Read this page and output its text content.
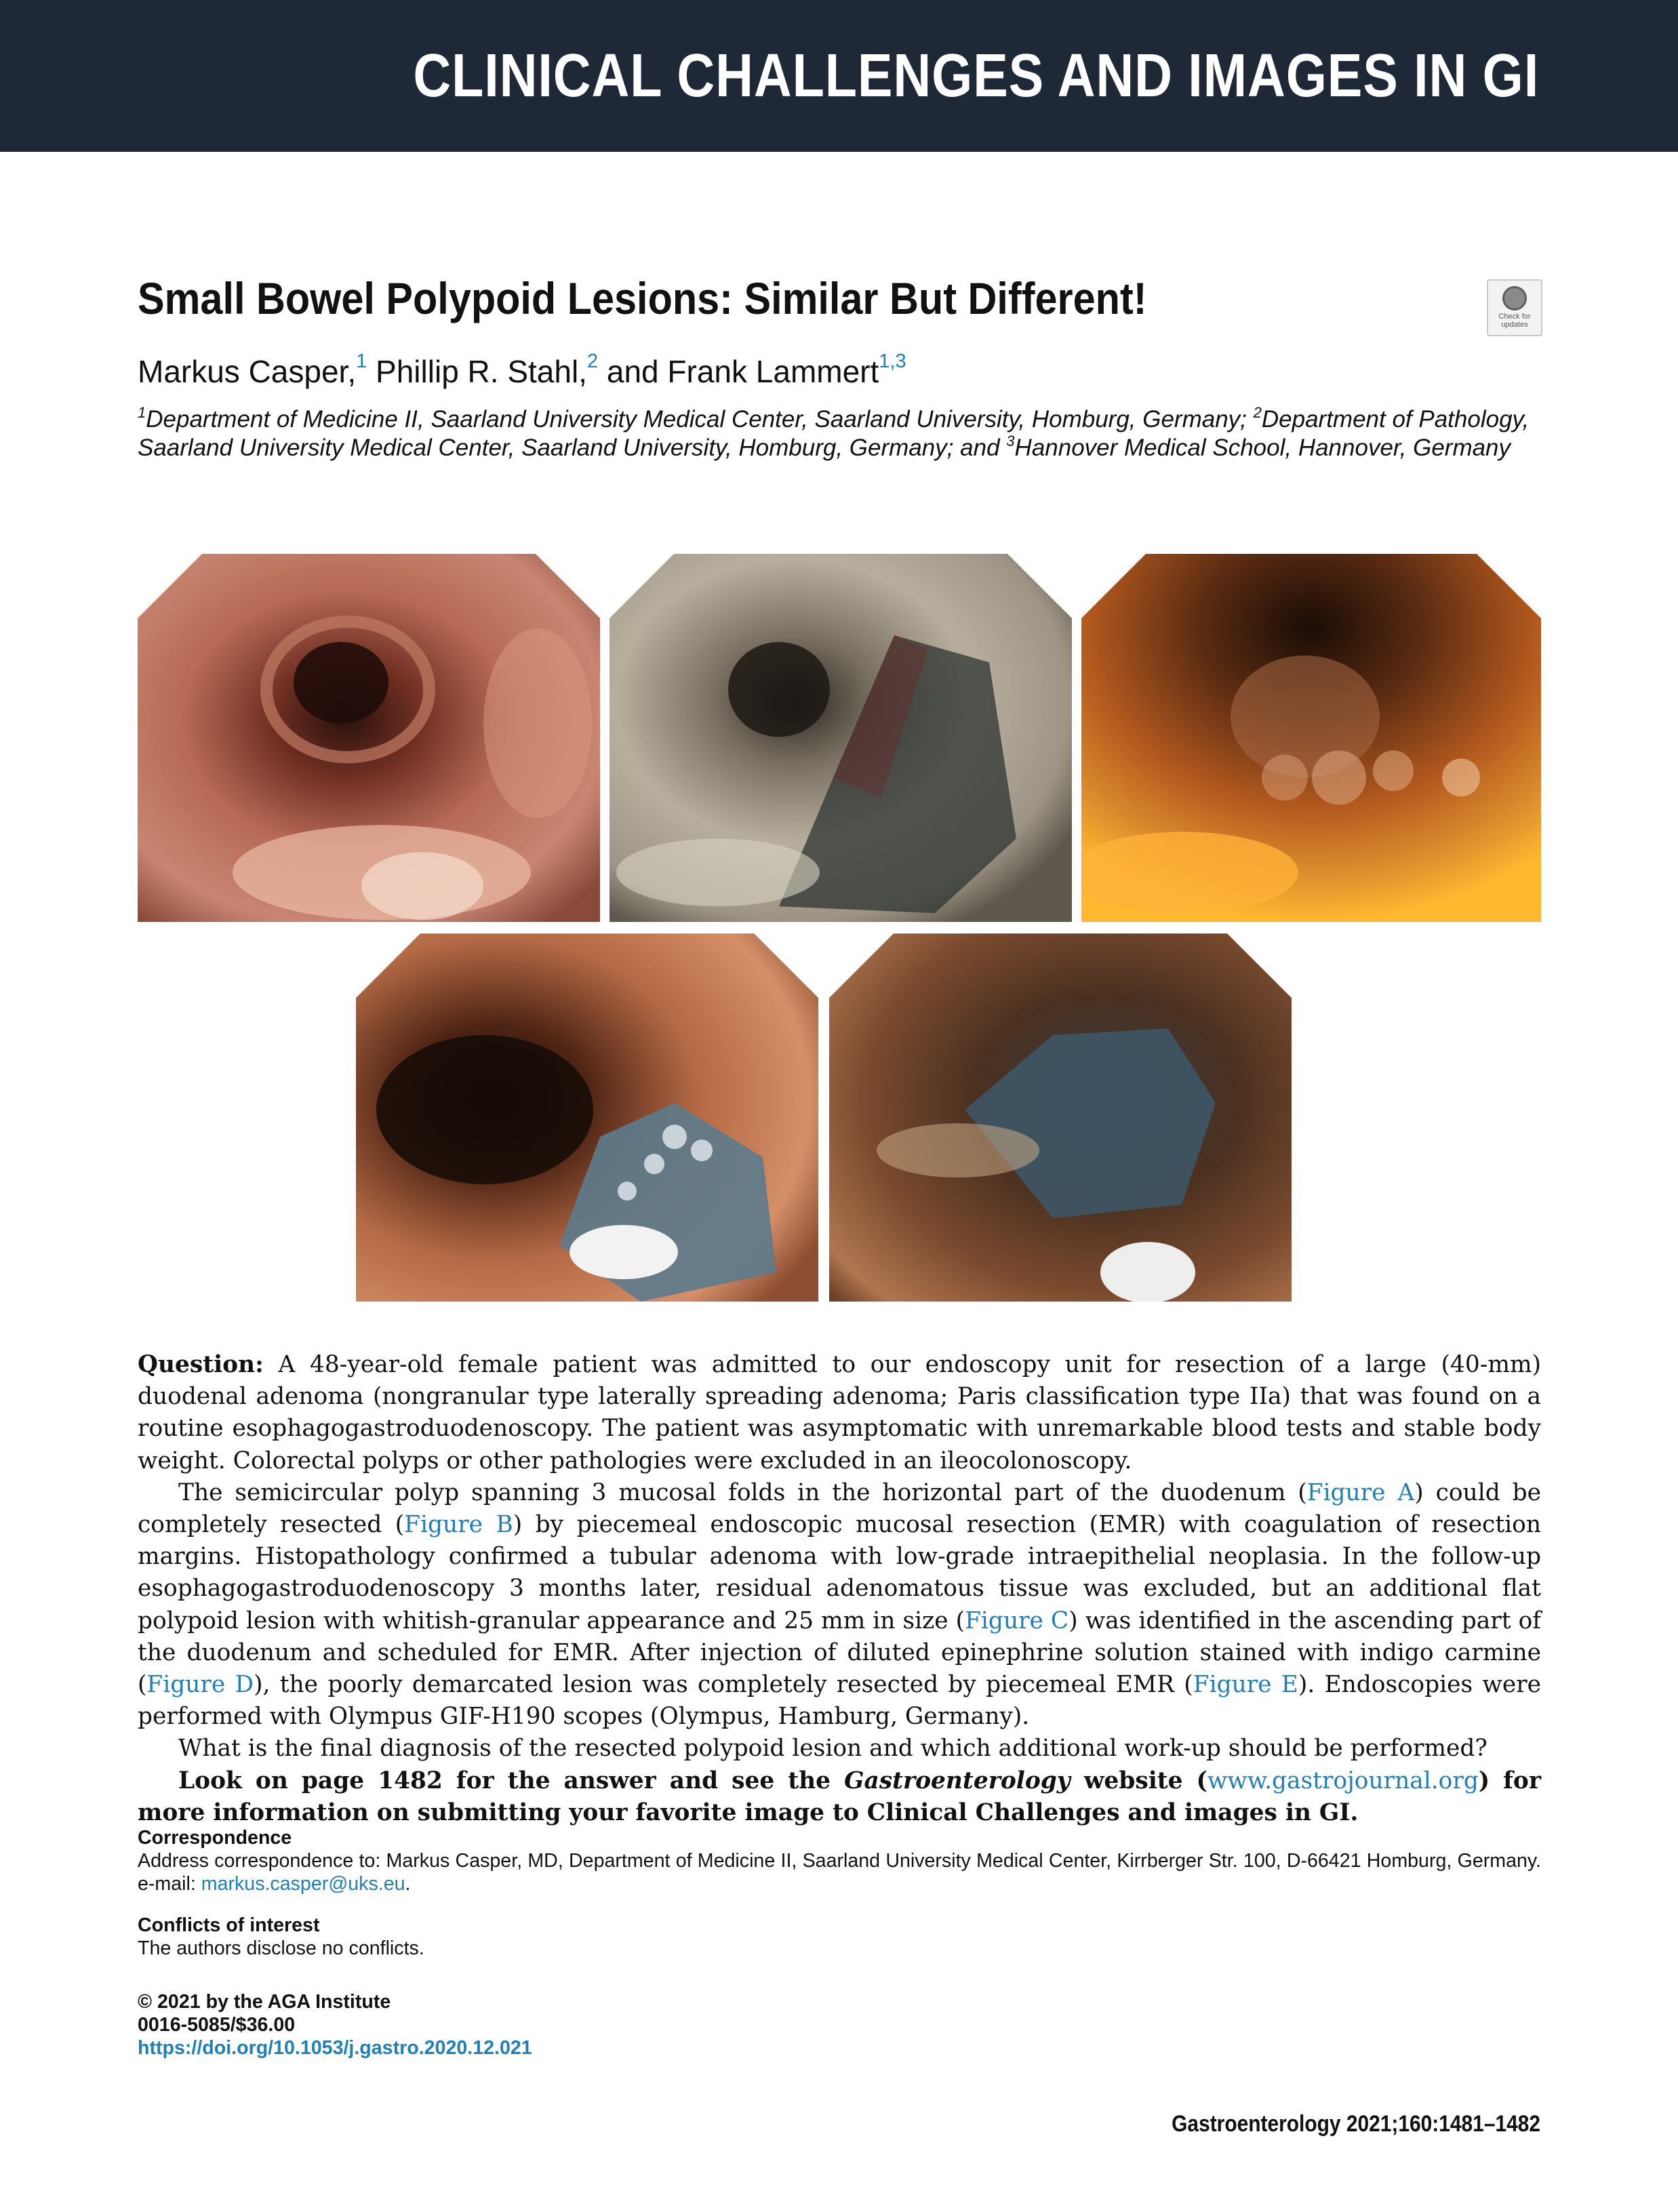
CLINICAL CHALLENGES AND IMAGES IN GI
Small Bowel Polypoid Lesions: Similar But Different!	Check for
updates
Markus Casper,$^1$ Phillip R. Stahl,$^2$ and Frank Lammert$^{1,3}$
$^1$Department of Medicine II, Saarland University Medical Center, Saarland University, Homburg, Germany; $^2$Department of Pathology, Saarland University Medical Center, Saarland University, Homburg, Germany; and $^3$Hannover Medical School, Hannover, Germany
A	B	C
D	E

Question: A 48-year-old female patient was admitted to our endoscopy unit for resection of a large (40-mm) duodenal adenoma (nongranular type laterally spreading adenoma; Paris classification type IIa) that was found on a routine esophagogastroduodenoscopy. The patient was asymptomatic with unremarkable blood tests and stable body weight. Colorectal polyps or other pathologies were excluded in an ileocolonoscopy.

The semicircular polyp spanning 3 mucosal folds in the horizontal part of the duodenum (Figure A) could be completely resected (Figure B) by piecemeal endoscopic mucosal resection (EMR) with coagulation of resection margins. Histopathology confirmed a tubular adenoma with low-grade intraepithelial neoplasia. In the follow-up esophagogastroduodenoscopy 3 months later, residual adenomatous tissue was excluded, but an additional flat polypoid lesion with whitish-granular appearance and 25 mm in size (Figure C) was identified in the ascending part of the duodenum and scheduled for EMR. After injection of diluted epinephrine solution stained with indigo carmine (Figure D), the poorly demarcated lesion was completely resected by piecemeal EMR (Figure E). Endoscopies were performed with Olympus GIF-H190 scopes (Olympus, Hamburg, Germany).

What is the final diagnosis of the resected polypoid lesion and which additional work-up should be performed?

Look on page 1482 for the answer and see the Gastroenterology website (www.gastrojournal.org) for more information on submitting your favorite image to Clinical Challenges and images in GI.

Correspondence

Address correspondence to: Markus Casper, MD, Department of Medicine II, Saarland University Medical Center, Kirrberger Str. 100, D-66421 Homburg, Germany. e-mail: markus.casper@uks.eu.

Conflicts of interest

The authors disclose no conflicts.

© 2021 by the AGA Institute
0016-5085/$36.00
https://doi.org/10.1053/j.gastro.2020.12.021
Gastroenterology 2021;160:1481–1482
